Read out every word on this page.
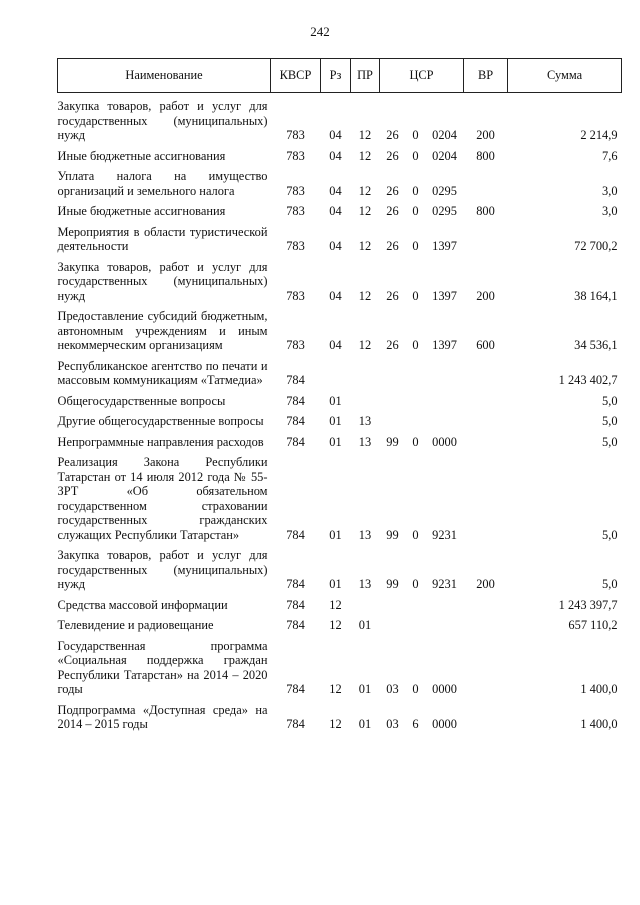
242
Наименование	КВСР	Рз	ПР	ЦСР			ВР	Сумма
Закупка товаров, работ и услуг для государственных (муниципальных) нужд	783	04	12	26	0	0204	200	2 214,9
Иные бюджетные ассигнования	783	04	12	26	0	0204	800	7,6
Уплата налога на имущество организаций и земельного налога	783	04	12	26	0	0295		3,0
Иные бюджетные ассигнования	783	04	12	26	0	0295	800	3,0
Мероприятия в области туристической деятельности	783	04	12	26	0	1397		72 700,2
Закупка товаров, работ и услуг для государственных (муниципальных) нужд	783	04	12	26	0	1397	200	38 164,1
Предоставление субсидий бюджетным, автономным учреждениям и иным некоммерческим организациям	783	04	12	26	0	1397	600	34 536,1
Республиканское агентство по печати и массовым коммуникациям «Татмедиа»	784							1 243 402,7
Общегосударственные вопросы	784	01						5,0
Другие общегосударственные вопросы	784	01	13					5,0
Непрограммные направления расходов	784	01	13	99	0	0000		5,0
Реализация Закона Республики Татарстан от 14 июля 2012 года № 55-ЗРТ «Об обязательном государственном страховании государственных гражданских служащих Республики Татарстан»	784	01	13	99	0	9231		5,0
Закупка товаров, работ и услуг для государственных (муниципальных) нужд	784	01	13	99	0	9231	200	5,0
Средства массовой информации	784	12						1 243 397,7
Телевидение и радиовещание	784	12	01					657 110,2
Государственная программа «Социальная поддержка граждан Республики Татарстан» на 2014 – 2020 годы	784	12	01	03	0	0000		1 400,0
Подпрограмма «Доступная среда» на 2014 – 2015 годы	784	12	01	03	6	0000		1 400,0
